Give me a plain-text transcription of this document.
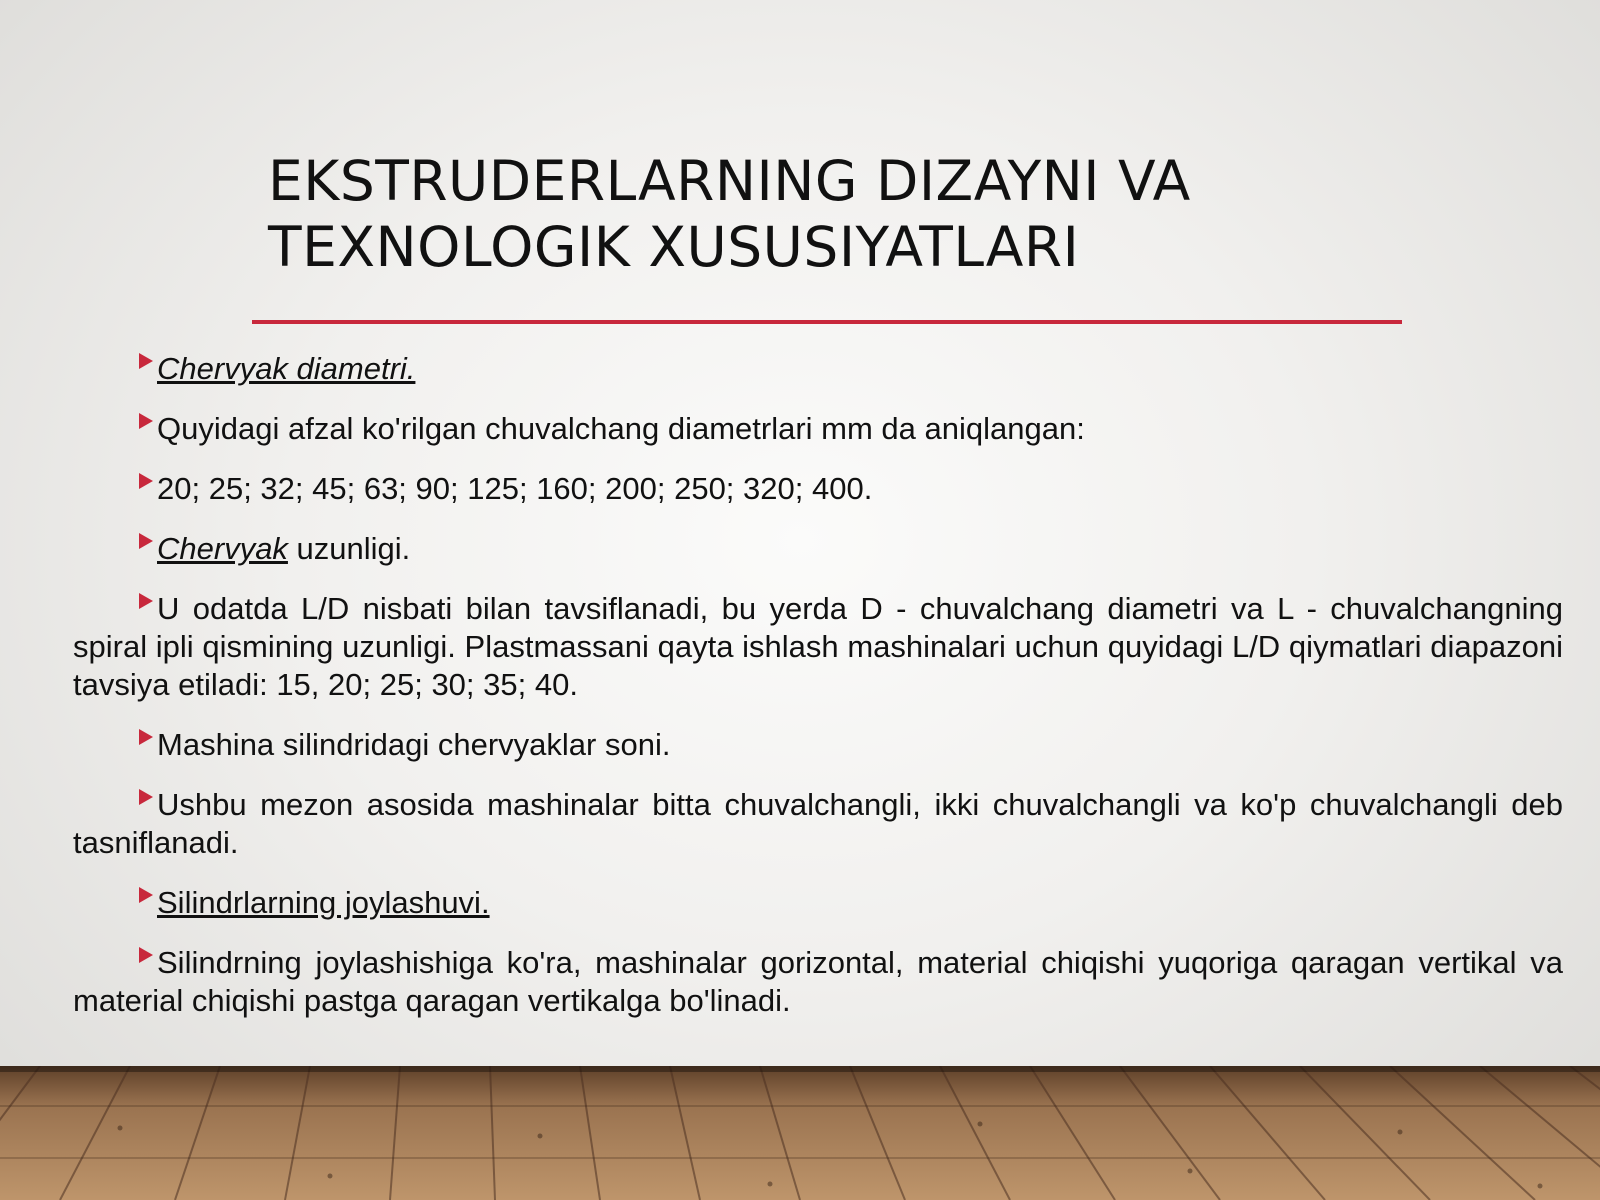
EKSTRUDERLARNING DIZAYNI VA
TEXNOLOGIK XUSUSIYATLARI
Chervyak diametri.
Quyidagi afzal ko'rilgan chuvalchang diametrlari mm da aniqlangan:
20; 25; 32; 45; 63; 90; 125; 160; 200; 250; 320; 400.
Chervyak uzunligi.
U odatda L/D nisbati bilan tavsiflanadi, bu yerda D - chuvalchang diametri va L - chuvalchangning spiral ipli qismining uzunligi. Plastmassani qayta ishlash mashinalari uchun quyidagi L/D qiymatlari diapazoni tavsiya etiladi: 15, 20; 25; 30; 35; 40.
Mashina silindridagi chervyaklar soni.
Ushbu mezon asosida mashinalar bitta chuvalchangli, ikki chuvalchangli va ko'p chuvalchangli deb tasniflanadi.
Silindrlarning joylashuvi.
Silindrning joylashishiga ko'ra, mashinalar gorizontal, material chiqishi yuqoriga qaragan vertikal va material chiqishi pastga qaragan vertikalga bo'linadi.
